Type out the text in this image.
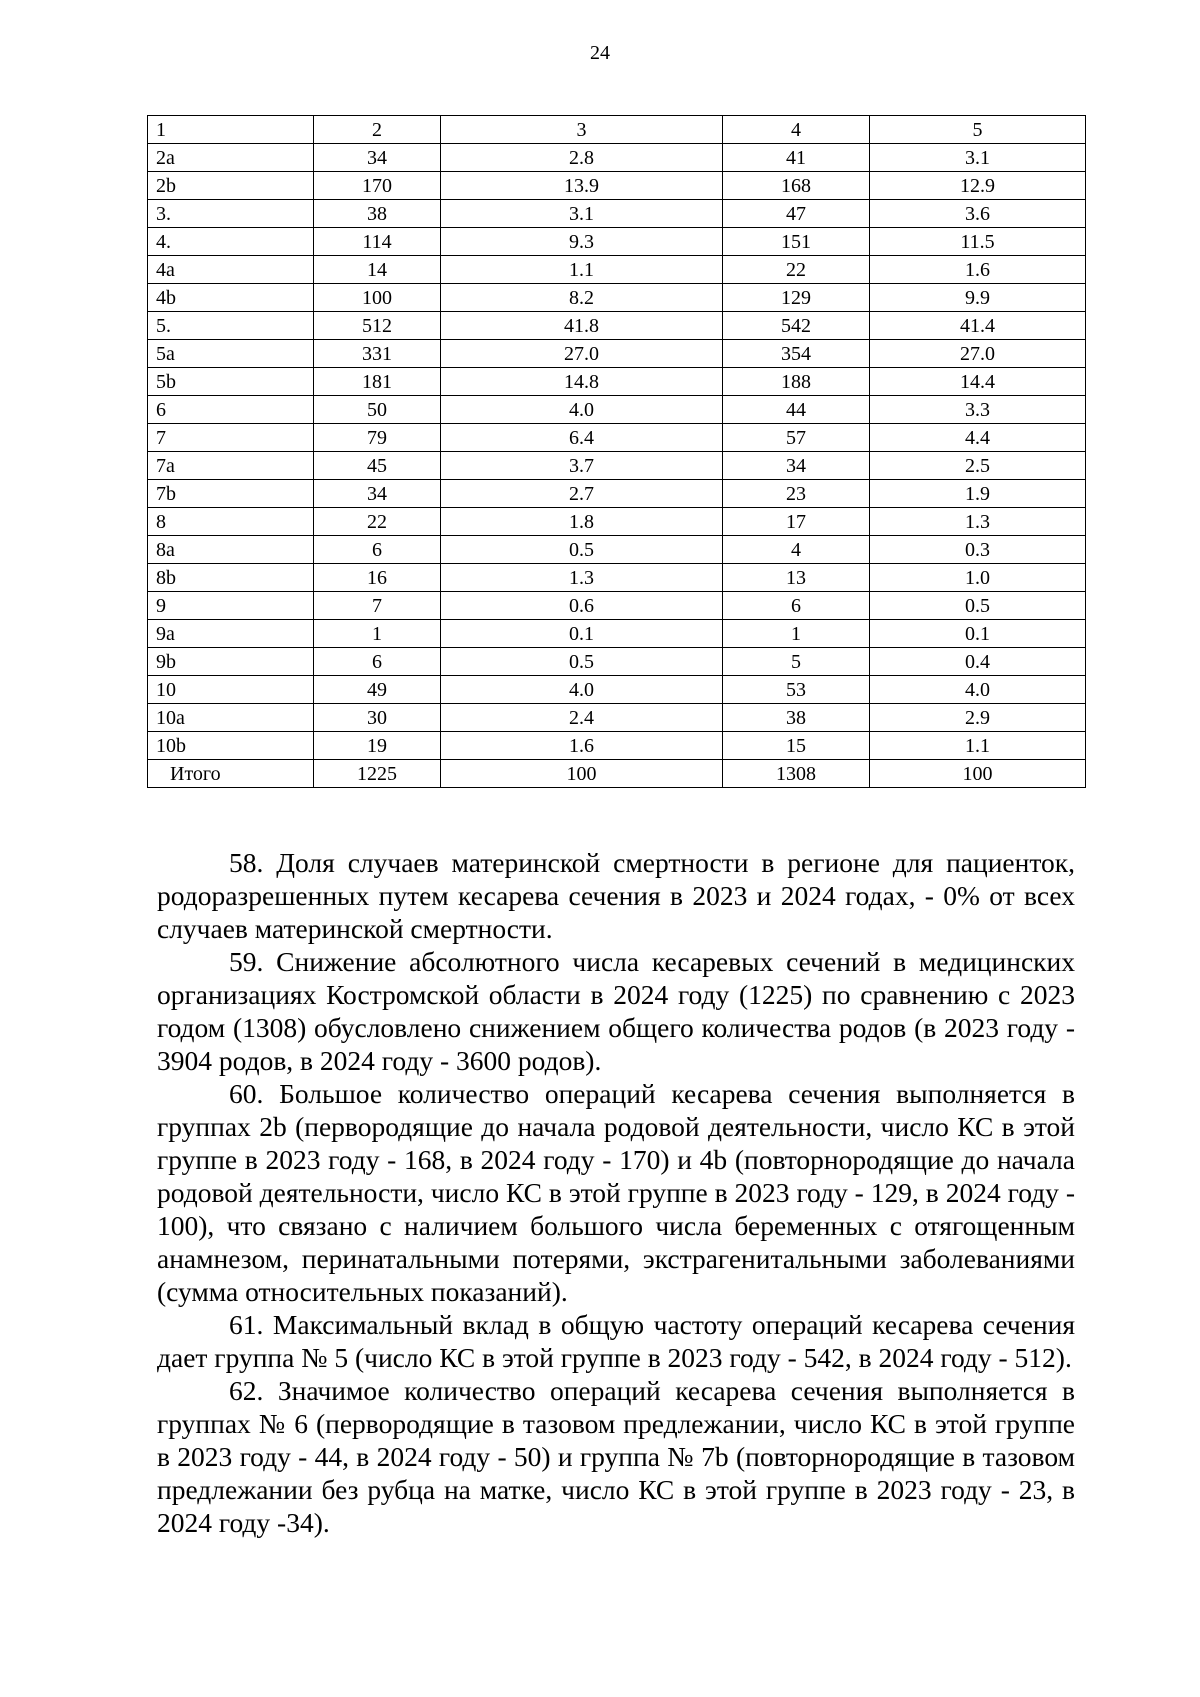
24
1	2	3	4	5
2a	34	2.8	41	3.1
2b	170	13.9	168	12.9
3.	38	3.1	47	3.6
4.	114	9.3	151	11.5
4a	14	1.1	22	1.6
4b	100	8.2	129	9.9
5.	512	41.8	542	41.4
5a	331	27.0	354	27.0
5b	181	14.8	188	14.4
6	50	4.0	44	3.3
7	79	6.4	57	4.4
7a	45	3.7	34	2.5
7b	34	2.7	23	1.9
8	22	1.8	17	1.3
8a	6	0.5	4	0.3
8b	16	1.3	13	1.0
9	7	0.6	6	0.5
9a	1	0.1	1	0.1
9b	6	0.5	5	0.4
10	49	4.0	53	4.0
10a	30	2.4	38	2.9
10b	19	1.6	15	1.1
Итого	1225	100	1308	100

58. Доля случаев материнской смертности в регионе для пациенток, родоразрешенных путем кесарева сечения в 2023 и 2024 годах, - 0% от всех случаев материнской смертности.

59. Снижение абсолютного числа кесаревых сечений в медицинских организациях Костромской области в 2024 году (1225) по сравнению с 2023 годом (1308) обусловлено снижением общего количества родов (в 2023 году - 3904 родов, в 2024 году - 3600 родов).

60. Большое количество операций кесарева сечения выполняется в группах 2b (первородящие до начала родовой деятельности, число КС в этой группе в 2023 году - 168, в 2024 году - 170) и 4b (повторнородящие до начала родовой деятельности, число КС в этой группе в 2023 году - 129, в 2024 году - 100), что связано с наличием большого числа беременных с отягощенным анамнезом, перинатальными потерями, экстрагенитальными заболеваниями (сумма относительных показаний).

61. Максимальный вклад в общую частоту операций кесарева сечения дает группа № 5 (число КС в этой группе в 2023 году - 542, в 2024 году - 512).

62. Значимое количество операций кесарева сечения выполняется в группах № 6 (первородящие в тазовом предлежании, число КС в этой группе в 2023 году - 44, в 2024 году - 50) и группа № 7b (повторнородящие в тазовом предлежании без рубца на матке, число КС в этой группе в 2023 году - 23, в 2024 году -34).
